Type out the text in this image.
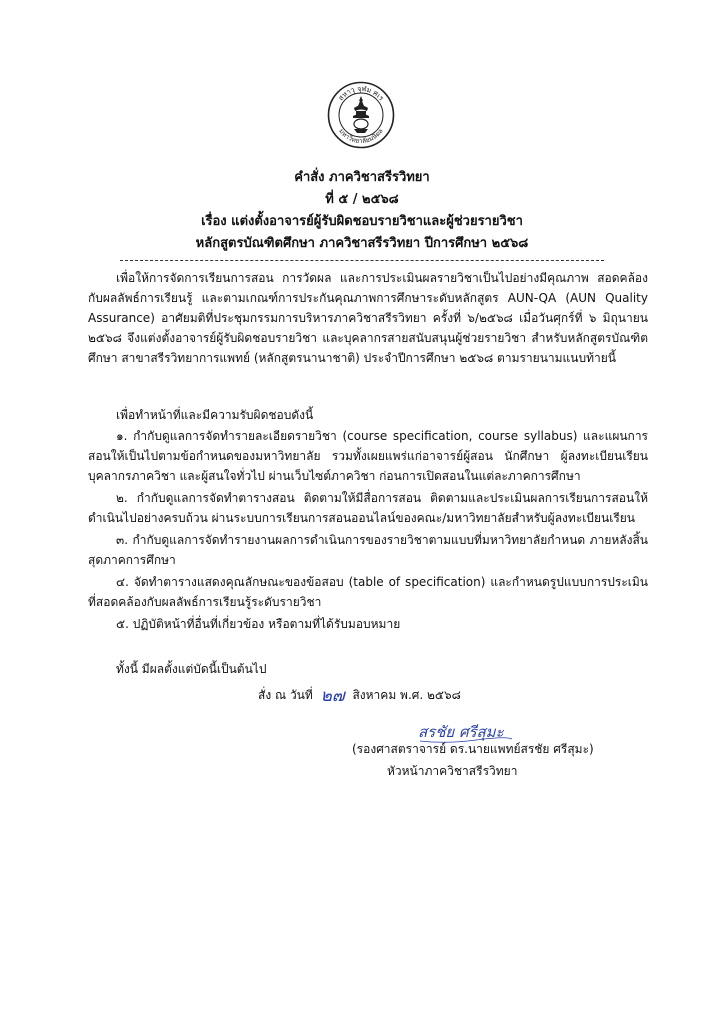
สหาวุ จุฬม ศเร
มหาวิทยาลัยมหิดล
คำสั่ง ภาควิชาสรีรวิทยา
ที่ ๕ / ๒๕๖๘
เรื่อง แต่งตั้งอาจารย์ผู้รับผิดชอบรายวิชาและผู้ช่วยรายวิชา
หลักสูตรบัณฑิตศึกษา ภาควิชาสรีรวิทยา ปีการศึกษา ๒๕๖๘

เพื่อให้การจัดการเรียนการสอน การวัดผล และการประเมินผลรายวิชาเป็นไปอย่างมีคุณภาพ สอดคล้องกับผลลัพธ์การเรียนรู้ และตามเกณฑ์การประกันคุณภาพการศึกษาระดับหลักสูตร AUN-QA (AUN Quality Assurance) อาศัยมติที่ประชุมกรรมการบริหารภาควิชาสรีรวิทยา ครั้งที่ ๖/๒๕๖๘ เมื่อวันศุกร์ที่ ๖ มิถุนายน ๒๕๖๘ จึงแต่งตั้งอาจารย์ผู้รับผิดชอบรายวิชา และบุคลากรสายสนับสนุนผู้ช่วยรายวิชา สำหรับหลักสูตรบัณฑิตศึกษา สาขาสรีรวิทยาการแพทย์ (หลักสูตรนานาชาติ) ประจำปีการศึกษา ๒๕๖๘ ตามรายนามแนบท้ายนี้

เพื่อทำหน้าที่และมีความรับผิดชอบดังนี้

๑. กำกับดูแลการจัดทำรายละเอียดรายวิชา (course specification, course syllabus) และแผนการสอนให้เป็นไปตามข้อกำหนดของมหาวิทยาลัย รวมทั้งเผยแพร่แก่อาจารย์ผู้สอน นักศึกษา ผู้ลงทะเบียนเรียน บุคลากรภาควิชา และผู้สนใจทั่วไป ผ่านเว็บไซต์ภาควิชา ก่อนการเปิดสอนในแต่ละภาคการศึกษา

๒. กำกับดูแลการจัดทำตารางสอน ติดตามให้มีสื่อการสอน ติดตามและประเมินผลการเรียนการสอนให้ดำเนินไปอย่างครบถ้วน ผ่านระบบการเรียนการสอนออนไลน์ของคณะ/มหาวิทยาลัยสำหรับผู้ลงทะเบียนเรียน

๓. กำกับดูแลการจัดทำรายงานผลการดำเนินการของรายวิชาตามแบบที่มหาวิทยาลัยกำหนด ภายหลังสิ้นสุดภาคการศึกษา

๔. จัดทำตารางแสดงคุณลักษณะของข้อสอบ (table of specification) และกำหนดรูปแบบการประเมินที่สอดคล้องกับผลลัพธ์การเรียนรู้ระดับรายวิชา

๕. ปฏิบัติหน้าที่อื่นที่เกี่ยวข้อง หรือตามที่ได้รับมอบหมาย

ทั้งนี้ มีผลตั้งแต่บัดนี้เป็นต้นไป
สั่ง ณ วันที่ ๒๗ สิงหาคม พ.ศ. ๒๕๖๘
สรชัย ศรีสุมะ
(รองศาสตราจารย์ ดร.นายแพทย์สรชัย ศรีสุมะ)
หัวหน้าภาควิชาสรีรวิทยา
